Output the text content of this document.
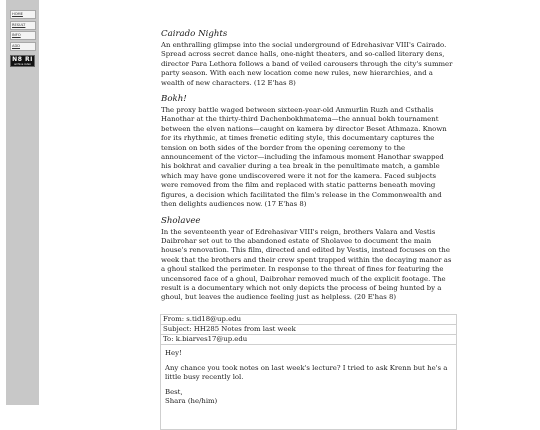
HOME
RESULT
INFO
ADD
N8 RI
archive index
Cairado Nights

An enthralling glimpse into the social underground of Edrehasivar VIII's Cairado. Spread across secret dance halls, one-night theaters, and so-called literary dens, director Para Lethora follows a band of veiled carousers through the city's summer party season. With each new location come new rules, new hierarchies, and a wealth of new characters. (12 E'has 8)

Bokh!

The proxy battle waged between sixteen-year-old Anmurlin Ruzh and Csthalis Hanothar at the thirty-third Dachenbokhmatema—the annual bokh tournament between the elven nations—caught on kamera by director Beset Athmaza. Known for its rhythmic, at times frenetic editing style, this documentary captures the tension on both sides of the border from the opening ceremony to the announcement of the victor—including the infamous moment Hanothar swapped his bokhrat and cavalier during a tea break in the penultimate match, a gamble which may have gone undiscovered were it not for the kamera. Faced subjects were removed from the film and replaced with static patterns beneath moving figures, a decision which facilitated the film's release in the Commonwealth and then delights audiences now. (17 E'has 8)

Sholavee

In the seventeenth year of Edrehasivar VIII's reign, brothers Valara and Vestis Daibrohar set out to the abandoned estate of Sholavee to document the main house's renovation. This film, directed and edited by Vestis, instead focuses on the week that the brothers and their crew spent trapped within the decaying manor as a ghoul stalked the perimeter. In response to the threat of fines for featuring the uncensored face of a ghoul, Daibrohar removed much of the explicit footage. The result is a documentary which not only depicts the process of being hunted by a ghoul, but leaves the audience feeling just as helpless. (20 E'has 8)

From: s.tid18@up.edu
Subject: HH285 Notes from last week
To: k.biarves17@up.edu

Hey!

Any chance you took notes on last week's lecture? I tried to ask Krenn but he's a little busy recently lol.

Best,

Shara (he/him)
